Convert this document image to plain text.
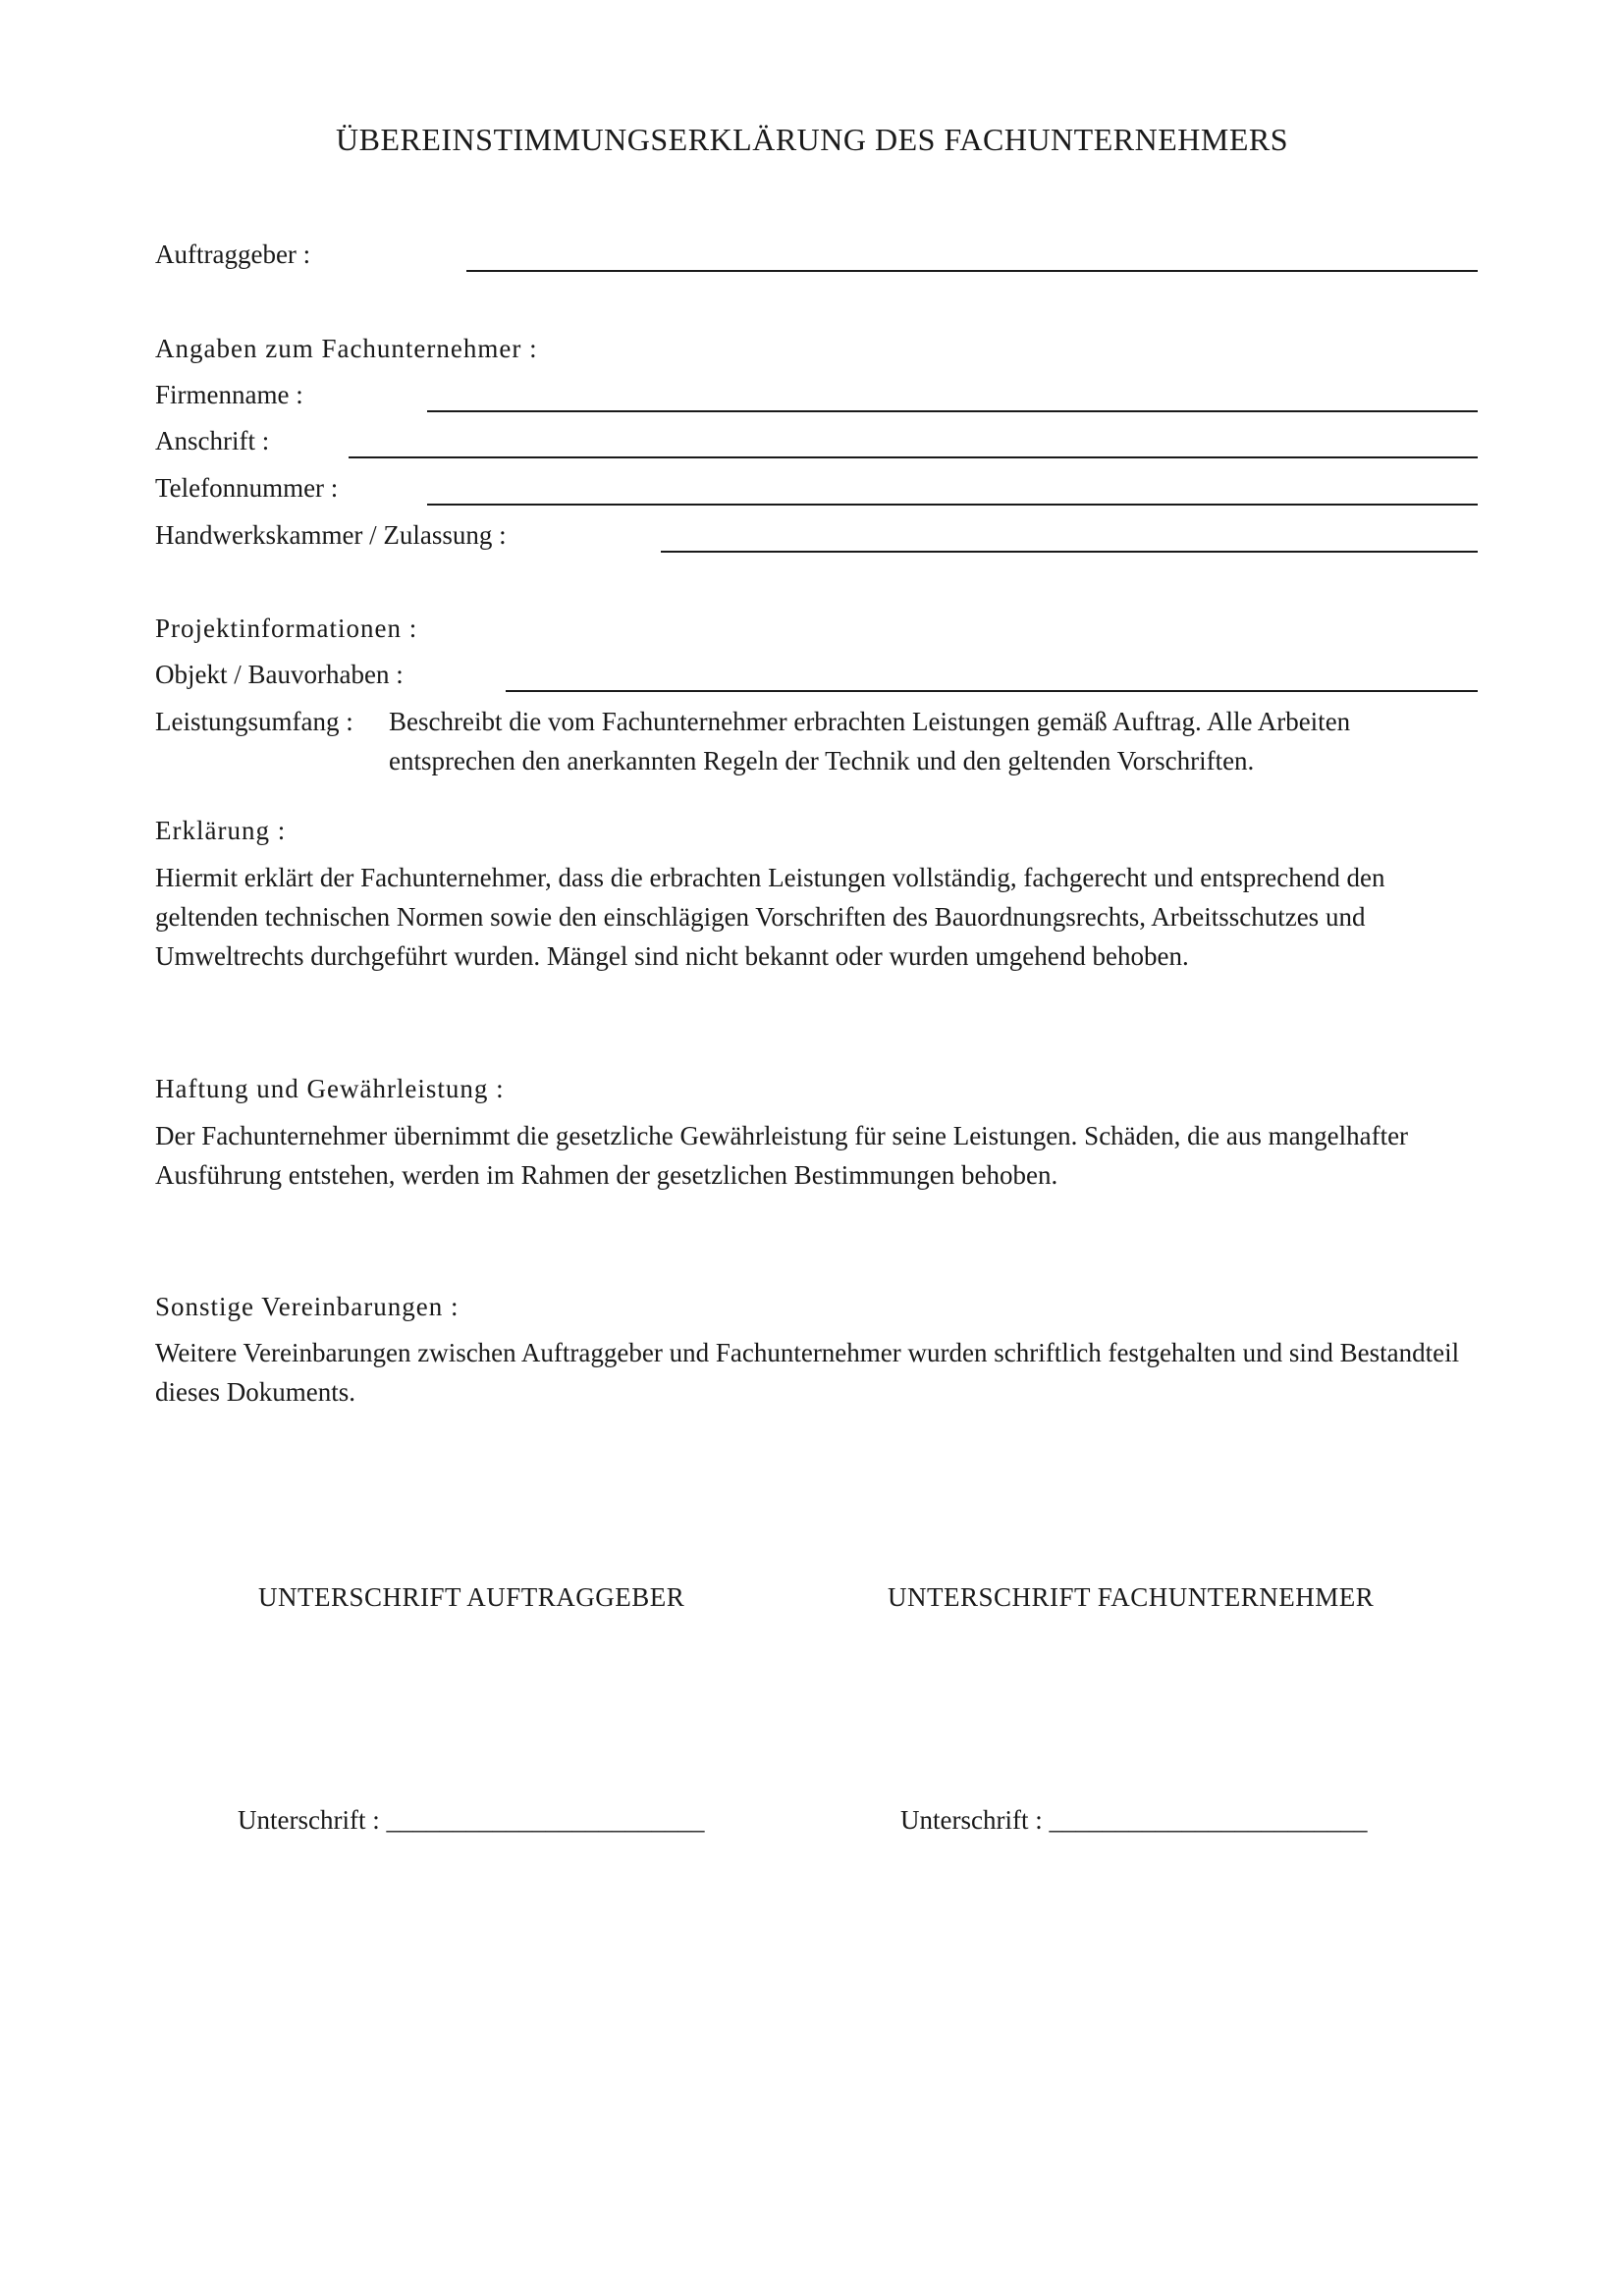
ÜBEREINSTIMMUNGSERKLÄRUNG DES FACHUNTERNEHMERS
Auftraggeber :
Angaben zum Fachunternehmer :
Firmenname :
Anschrift :
Telefonnummer :
Handwerkskammer / Zulassung :
Projektinformationen :
Objekt / Bauvorhaben :
Leistungsumfang : Beschreibt die vom Fachunternehmer erbrachten Leistungen gemäß Auftrag. Alle Arbeiten entsprechen den anerkannten Regeln der Technik und den geltenden Vorschriften.
Erklärung :
Hiermit erklärt der Fachunternehmer, dass die erbrachten Leistungen vollständig, fachgerecht und entsprechend den geltenden technischen Normen sowie den einschlägigen Vorschriften des Bauordnungsrechts, Arbeitsschutzes und Umweltrechts durchgeführt wurden. Mängel sind nicht bekannt oder wurden umgehend behoben.
Haftung und Gewährleistung :
Der Fachunternehmer übernimmt die gesetzliche Gewährleistung für seine Leistungen. Schäden, die aus mangelhafter Ausführung entstehen, werden im Rahmen der gesetzlichen Bestimmungen behoben.
Sonstige Vereinbarungen :
Weitere Vereinbarungen zwischen Auftraggeber und Fachunternehmer wurden schriftlich festgehalten und sind Bestandteil dieses Dokuments.
UNTERSCHRIFT AUFTRAGGEBER	UNTERSCHRIFT FACHUNTERNEHMER
Unterschrift : ________________________	Unterschrift : ________________________
